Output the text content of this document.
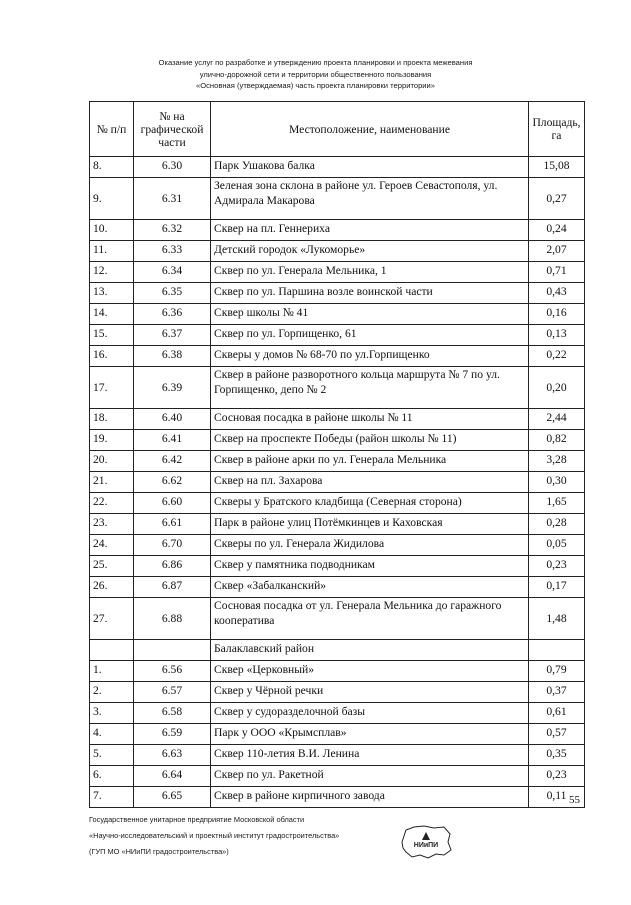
Оказание услуг по разработке и утверждению проекта планировки и проекта межевания
улично-дорожной сети и территории общественного пользования
«Основная (утверждаемая) часть проекта планировки территории»
№ п/п	№ на графической части	Местоположение, наименование	Площадь, га
8.	6.30	Парк Ушакова балка	15,08
9.	6.31	Зеленая зона склона в районе ул. Героев Севастополя, ул. Адмирала Макарова	0,27
10.	6.32	Сквер на пл. Геннериха	0,24
11.	6.33	Детский городок «Лукоморье»	2,07
12.	6.34	Сквер по ул. Генерала Мельника, 1	0,71
13.	6.35	Сквер по ул. Паршина возле воинской части	0,43
14.	6.36	Сквер школы № 41	0,16
15.	6.37	Сквер по ул. Горпищенко, 61	0,13
16.	6.38	Скверы у домов № 68-70 по ул.Горпищенко	0,22
17.	6.39	Сквер в районе разворотного кольца маршрута № 7 по ул. Горпищенко, депо № 2	0,20
18.	6.40	Сосновая посадка в районе школы № 11	2,44
19.	6.41	Сквер на проспекте Победы (район школы № 11)	0,82
20.	6.42	Сквер в районе арки по ул. Генерала Мельника	3,28
21.	6.62	Сквер на пл. Захарова	0,30
22.	6.60	Скверы у Братского кладбища (Северная сторона)	1,65
23.	6.61	Парк в районе улиц Потёмкинцев и Каховская	0,28
24.	6.70	Скверы по ул. Генерала Жидилова	0,05
25.	6.86	Сквер у памятника подводникам	0,23
26.	6.87	Сквер «Забалканский»	0,17
27.	6.88	Сосновая посадка от ул. Генерала Мельника до гаражного кооператива	1,48
		Балаклавский район	
1.	6.56	Сквер «Церковный»	0,79
2.	6.57	Сквер у Чёрной речки	0,37
3.	6.58	Сквер у судоразделочной базы	0,61
4.	6.59	Парк у ООО «Крымсплав»	0,57
5.	6.63	Сквер 110-летия В.И. Ленина	0,35
6.	6.64	Сквер по ул. Ракетной	0,23
7.	6.65	Сквер в районе кирпичного завода	0,11 55
Государственное унитарное предприятие Московской области
«Научно-исследовательский и проектный институт градостроительства»
(ГУП МО «НИиПИ градостроительства»)
НИиПИ
